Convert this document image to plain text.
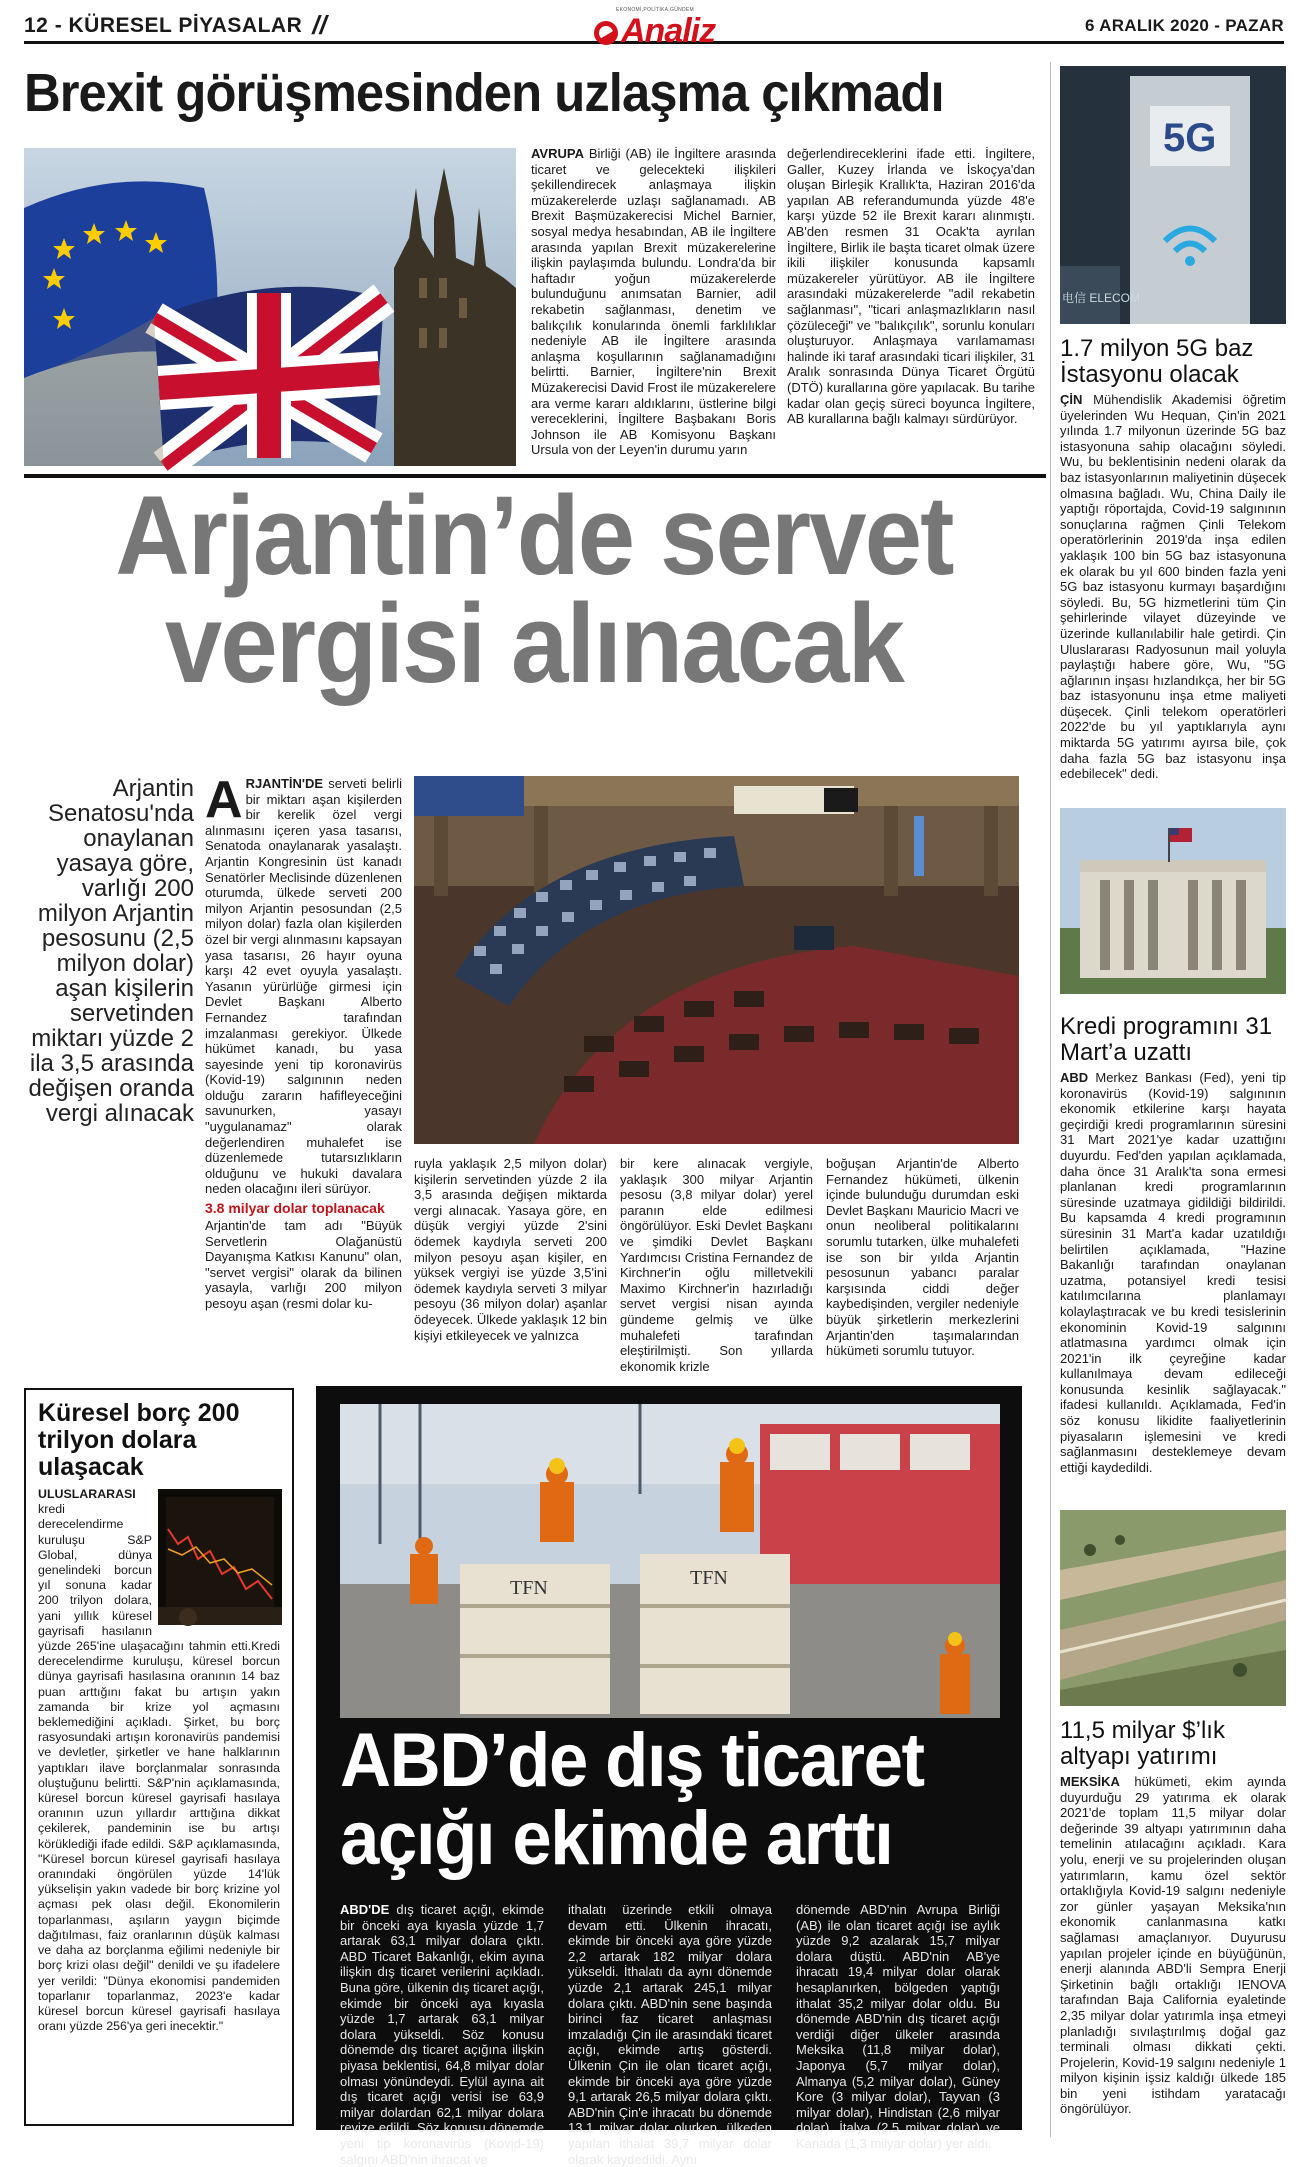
12 - KÜRESEL PİYASALAR //	EKONOMİ,POLİTİKA,GÜNDEM
Analiz	6 ARALIK 2020 - PAZAR
Brexit görüşmesinden uzlaşma çıkmadı

AVRUPA Birliği (AB) ile İngiltere arasında ticaret ve gelecekteki ilişkileri şekillendirecek anlaşmaya ilişkin müzakerelerde uzlaşı sağlanamadı. AB Brexit Başmüzakerecisi Michel Barnier, sosyal medya hesabından, AB ile İngiltere arasında yapılan Brexit müzakerelerine ilişkin paylaşımda bulundu. Londra'da bir haftadır yoğun müzakerelerde bulunduğunu anımsatan Barnier, adil rekabetin sağlanması, denetim ve balıkçılık konularında önemli farklılıklar nedeniyle AB ile İngiltere arasında anlaşma koşullarının sağlanamadığını belirtti. Barnier, İngiltere'nin Brexit Müzakerecisi David Frost ile müzakerelere ara verme kararı aldıklarını, üstlerine bilgi vereceklerini, İngiltere Başbakanı Boris Johnson ile AB Komisyonu Başkanı Ursula von der Leyen'in durumu yarın

değerlendireceklerini ifade etti. İngiltere, Galler, Kuzey İrlanda ve İskoçya'dan oluşan Birleşik Krallık'ta, Haziran 2016'da yapılan AB referandumunda yüzde 48'e karşı yüzde 52 ile Brexit kararı alınmıştı. AB'den resmen 31 Ocak'ta ayrılan İngiltere, Birlik ile başta ticaret olmak üzere ikili ilişkiler konusunda kapsamlı müzakereler yürütüyor. AB ile İngiltere arasındaki müzakerelerde "adil rekabetin sağlanması", "ticari anlaşmazlıkların nasıl çözüleceği" ve "balıkçılık", sorunlu konuları oluşturuyor. Anlaşmaya varılamaması halinde iki taraf arasındaki ticari ilişkiler, 31 Aralık sonrasında Dünya Ticaret Örgütü (DTÖ) kurallarına göre yapılacak. Bu tarihe kadar olan geçiş süreci boyunca İngiltere, AB kurallarına bağlı kalmayı sürdürüyor.

Arjantin’de servet
vergisi alınacak
Arjantin Senatosu'nda onaylanan yasaya göre, varlığı 200 milyon Arjantin pesosunu (2,5 milyon dolar) aşan kişilerin servetinden miktarı yüzde 2 ila 3,5 arasında değişen oranda vergi alınacak

ARJANTİN'DE serveti belirli bir miktarı aşan kişilerden bir kerelik özel vergi alınmasını içeren yasa tasarısı, Senatoda onaylanarak yasalaştı. Arjantin Kongresinin üst kanadı Senatörler Meclisinde düzenlenen oturumda, ülkede serveti 200 milyon Arjantin pesosundan (2,5 milyon dolar) fazla olan kişilerden özel bir vergi alınmasını kapsayan yasa tasarısı, 26 hayır oyuna karşı 42 evet oyuyla yasalaştı. Yasanın yürürlüğe girmesi için Devlet Başkanı Alberto Fernandez tarafından imzalanması gerekiyor. Ülkede hükümet kanadı, bu yasa sayesinde yeni tip koronavirüs (Kovid-19) salgınının neden olduğu zararın hafifleyeceğini savunurken, yasayı "uygulanamaz" olarak değerlendiren muhalefet ise düzenlemede tutarsızlıkların olduğunu ve hukuki davalara neden olacağını ileri sürüyor.

3.8 milyar dolar toplanacak

Arjantin'de tam adı "Büyük Servetlerin Olağanüstü Dayanışma Katkısı Kanunu" olan, "servet vergisi" olarak da bilinen yasayla, varlığı 200 milyon pesoyu aşan (resmi dolar ku-

ruyla yaklaşık 2,5 milyon dolar) kişilerin servetinden yüzde 2 ila 3,5 arasında değişen miktarda vergi alınacak. Yasaya göre, en düşük vergiyi yüzde 2'sini ödemek kaydıyla serveti 200 milyon pesoyu aşan kişiler, en yüksek vergiyi ise yüzde 3,5'ini ödemek kaydıyla serveti 3 milyar pesoyu (36 milyon dolar) aşanlar ödeyecek. Ülkede yaklaşık 12 bin kişiyi etkileyecek ve yalnızca
bir kere alınacak vergiyle, yaklaşık 300 milyar Arjantin pesosu (3,8 milyar dolar) yerel paranın elde edilmesi öngörülüyor. Eski Devlet Başkanı ve şimdiki Devlet Başkanı Yardımcısı Cristina Fernandez de Kirchner'in oğlu milletvekili Maximo Kirchner'in hazırladığı servet vergisi nisan ayında gündeme gelmiş ve ülke muhalefeti tarafından eleştirilmişti. Son yıllarda ekonomik krizle
boğuşan Arjantin'de Alberto Fernandez hükümeti, ülkenin içinde bulunduğu durumdan eski Devlet Başkanı Mauricio Macri ve onun neoliberal politikalarını sorumlu tutarken, ülke muhalefeti ise son bir yılda Arjantin pesosunun yabancı paralar karşısında ciddi değer kaybedişinden, vergiler nedeniyle büyük şirketlerin merkezlerini Arjantin'den taşımalarından hükümeti sorumlu tutuyor.
电信 ELECOM
5G
1.7 milyon 5G baz İstasyonu olacak

ÇİN Mühendislik Akademisi öğretim üyelerinden Wu Hequan, Çin'in 2021 yılında 1.7 milyonun üzerinde 5G baz istasyonuna sahip olacağını söyledi. Wu, bu beklentisinin nedeni olarak da baz istasyonlarının maliyetinin düşecek olmasına bağladı. Wu, China Daily ile yaptığı röportajda, Covid-19 salgınının sonuçlarına rağmen Çinli Telekom operatörlerinin 2019'da inşa edilen yaklaşık 100 bin 5G baz istasyonuna ek olarak bu yıl 600 binden fazla yeni 5G baz istasyonu kurmayı başardığını söyledi. Bu, 5G hizmetlerini tüm Çin şehirlerinde vilayet düzeyinde ve üzerinde kullanılabilir hale getirdi. Çin Uluslararası Radyosunun mail yoluyla paylaştığı habere göre, Wu, "5G ağlarının inşası hızlandıkça, her bir 5G baz istasyonunu inşa etme maliyeti düşecek. Çinli telekom operatörleri 2022'de bu yıl yaptıklarıyla aynı miktarda 5G yatırımı ayırsa bile, çok daha fazla 5G baz istasyonu inşa edebilecek" dedi.

Kredi programını 31 Mart’a uzattı

ABD Merkez Bankası (Fed), yeni tip koronavirüs (Kovid-19) salgınının ekonomik etkilerine karşı hayata geçirdiği kredi programlarının süresini 31 Mart 2021'ye kadar uzattığını duyurdu. Fed'den yapılan açıklamada, daha önce 31 Aralık'ta sona ermesi planlanan kredi programlarının süresinde uzatmaya gidildiği bildirildi. Bu kapsamda 4 kredi programının süresinin 31 Mart'a kadar uzatıldığı belirtilen açıklamada, "Hazine Bakanlığı tarafından onaylanan uzatma, potansiyel kredi tesisi katılımcılarına planlamayı kolaylaştıracak ve bu kredi tesislerinin ekonominin Kovid-19 salgınını atlatmasına yardımcı olmak için 2021'in ilk çeyreğine kadar kullanılmaya devam edileceği konusunda kesinlik sağlayacak." ifadesi kullanıldı. Açıklamada, Fed'in söz konusu likidite faaliyetlerinin piyasaların işlemesini ve kredi sağlanmasını desteklemeye devam ettiği kaydedildi.

11,5 milyar $’lık altyapı yatırımı

MEKSİKA hükümeti, ekim ayında duyurduğu 29 yatırıma ek olarak 2021'de toplam 11,5 milyar dolar değerinde 39 altyapı yatırımının daha temelinin atılacağını açıkladı. Kara yolu, enerji ve su projelerinden oluşan yatırımların, kamu özel sektör ortaklığıyla Kovid-19 salgını nedeniyle zor günler yaşayan Meksika'nın ekonomik canlanmasına katkı sağlaması amaçlanıyor. Duyurusu yapılan projeler içinde en büyüğünün, enerji alanında ABD'li Sempra Enerji Şirketinin bağlı ortaklığı IENOVA tarafından Baja California eyaletinde 2,35 milyar dolar yatırımla inşa etmeyi planladığı sıvılaştırılmış doğal gaz terminali olması dikkati çekti. Projelerin, Kovid-19 salgını nedeniyle 1 milyon kişinin işsiz kaldığı ülkede 185 bin yeni istihdam yaratacağı öngörülüyor.

Küresel borç 200 trilyon dolara ulaşacak

ULUSLARARASI
kredi derecelendirme kuruluşu S&P Global, dünya genelindeki borcun yıl sonuna kadar 200 trilyon dolara, yani yıllık küresel gayrisafi hasılanın yüzde 265'ine ulaşacağını tahmin etti.Kredi derecelendirme kuruluşu, küresel borcun dünya gayrisafi hasılasına oranının 14 baz puan arttığını fakat bu artışın yakın zamanda bir krize yol açmasını beklemediğini açıkladı. Şirket, bu borç rasyosundaki artışın koronavirüs pandemisi ve devletler, şirketler ve hane halklarının yaptıkları ilave borçlanmalar sonrasında oluştuğunu belirtti. S&P'nin açıklamasında, küresel borcun küresel gayrisafi hasılaya oranının uzun yıllardır arttığına dikkat çekilerek, pandeminin ise bu artışı körüklediği ifade edildi. S&P açıklamasında, "Küresel borcun küresel gayrisafi hasılaya oranındaki öngörülen yüzde 14'lük yükselişin yakın vadede bir borç krizine yol açması pek olası değil. Ekonomilerin toparlanması, aşıların yaygın biçimde dağıtılması, faiz oranlarının düşük kalması ve daha az borçlanma eğilimi nedeniyle bir borç krizi olası değil" denildi ve şu ifadelere yer verildi: "Dünya ekonomisi pandemiden toparlanır toparlanmaz, 2023'e kadar küresel borcun küresel gayrisafi hasılaya oranı yüzde 256'ya geri inecektir."

TFN	TFN
ABD’de dış ticaret
açığı ekimde arttı

ABD'DE dış ticaret açığı, ekimde bir önceki aya kıyasla yüzde 1,7 artarak 63,1 milyar dolara çıktı. ABD Ticaret Bakanlığı, ekim ayına ilişkin dış ticaret verilerini açıkladı. Buna göre, ülkenin dış ticaret açığı, ekimde bir önceki aya kıyasla yüzde 1,7 artarak 63,1 milyar dolara yükseldi. Söz konusu dönemde dış ticaret açığına ilişkin piyasa beklentisi, 64,8 milyar dolar olması yönündeydi. Eylül ayına ait dış ticaret açığı verisi ise 63,9 milyar dolardan 62,1 milyar dolara revize edildi. Söz konusu dönemde yeni tip koronavirüs (Kovid-19) salgını ABD'nin ihracat ve

ithalatı üzerinde etkili olmaya devam etti. Ülkenin ihracatı, ekimde bir önceki aya göre yüzde 2,2 artarak 182 milyar dolara yükseldi. İthalatı da aynı dönemde yüzde 2,1 artarak 245,1 milyar dolara çıktı. ABD'nin sene başında birinci faz ticaret anlaşması imzaladığı Çin ile arasındaki ticaret açığı, ekimde artış gösterdi. Ülkenin Çin ile olan ticaret açığı, ekimde bir önceki aya göre yüzde 9,1 artarak 26,5 milyar dolara çıktı. ABD'nin Çin'e ihracatı bu dönemde 13,1 milyar dolar olurken, ülkeden yapılan ithalat 39,7 milyar dolar olarak kaydedildi. Aynı
dönemde ABD'nin Avrupa Birliği (AB) ile olan ticaret açığı ise aylık yüzde 9,2 azalarak 15,7 milyar dolara düştü. ABD'nin AB'ye ihracatı 19,4 milyar dolar olarak hesaplanırken, bölgeden yaptığı ithalat 35,2 milyar dolar oldu. Bu dönemde ABD'nin dış ticaret açığı verdiği diğer ülkeler arasında Meksika (11,8 milyar dolar), Japonya (5,7 milyar dolar), Almanya (5,2 milyar dolar), Güney Kore (3 milyar dolar), Tayvan (3 milyar dolar), Hindistan (2,6 milyar dolar), İtalya (2,5 milyar dolar) ve Kanada (1,3 milyar dolar) yer aldı.
